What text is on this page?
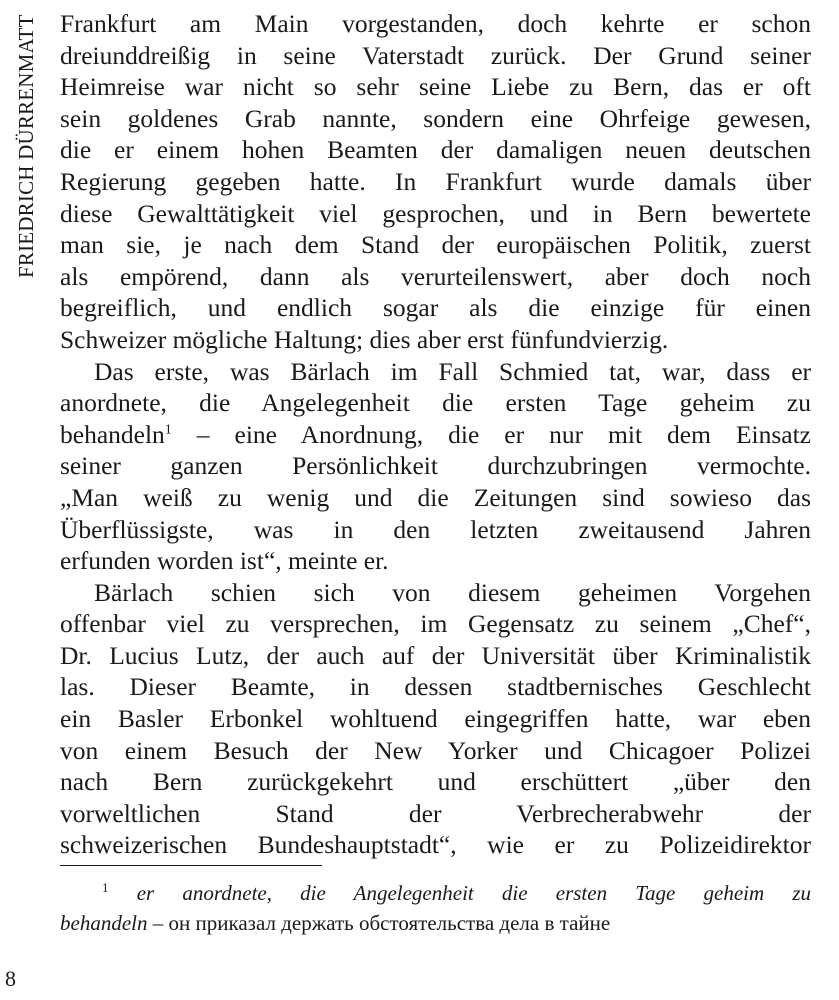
FRIEDRICH DÜRRENMATT Frankfurt am Main vorgestanden, doch kehrte er schon
dreiunddreißig in seine Vaterstadt zurück. Der Grund seiner
Heimreise war nicht so sehr seine Liebe zu Bern, das er oft
sein goldenes Grab nannte, sondern eine Ohrfeige gewesen,
die er einem hohen Beamten der damaligen neuen deutschen
Regierung gegeben hatte. In Frankfurt wurde damals über
diese Gewalttätigkeit viel gesprochen, und in Bern bewertete
man sie, je nach dem Stand der europäischen Politik, zuerst
als empörend, dann als verurteilenswert, aber doch noch
begreiflich, und endlich sogar als die einzige für einen
Schweizer mögliche Haltung; dies aber erst fünfundvierzig.

Das erste, was Bärlach im Fall Schmied tat, war, dass er
anordnete, die Angelegenheit die ersten Tage geheim zu
behandeln$^1$ – eine Anordnung, die er nur mit dem Einsatz
seiner ganzen Persönlichkeit durchzubringen vermochte.
„Man weiß zu wenig und die Zeitungen sind sowieso das
Überflüssigste, was in den letzten zweitausend Jahren
erfunden worden ist“, meinte er.

Bärlach schien sich von diesem geheimen Vorgehen
offenbar viel zu versprechen, im Gegensatz zu seinem „Chef“,
Dr. Lucius Lutz, der auch auf der Universität über Kriminalistik
las. Dieser Beamte, in dessen stadtbernisches Geschlecht
ein Basler Erbonkel wohltuend eingegriffen hatte, war eben
von einem Besuch der New Yorker und Chicagoer Polizei
nach Bern zurückgekehrt und erschüttert „über den
vorweltlichen Stand der Verbrecherabwehr der
schweizerischen Bundeshauptstadt“, wie er zu Polizeidirektor

$^1$ er anordnete, die Angelegenheit die ersten Tage geheim zu
behandeln – он приказал держать обстоятельства дела в тайне
8
